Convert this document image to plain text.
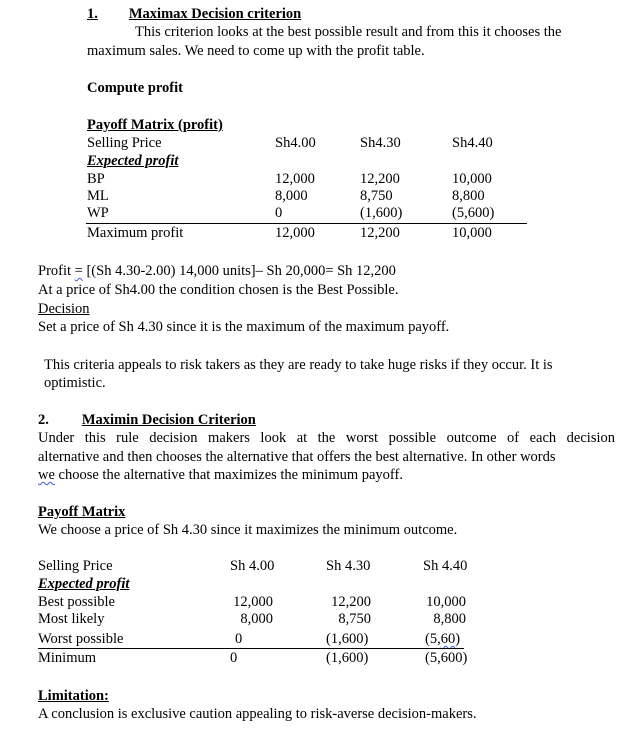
1. Maximax Decision criterion
This criterion looks at the best possible result and from this it chooses the
maximum sales. We need to come up with the profit table.
Compute profit
Payoff Matrix (profit)
Selling Price	Sh4.00	Sh4.30	Sh4.40
Expected profit
BP	12,000	12,200	10,000
ML	8,000	8,750	8,800
WP	0	(1,600)	(5,600)
Maximum profit	12,000	12,200	10,000
Profit = [(Sh 4.30-2.00) 14,000 units]– Sh 20,000= Sh 12,200
At a price of Sh4.00 the condition chosen is the Best Possible.
Decision
Set a price of Sh 4.30 since it is the maximum of the maximum payoff.
This criteria appeals to risk takers as they are ready to take huge risks if they occur. It is
optimistic.
2. Maximin Decision Criterion
Under this rule decision makers look at the worst possible outcome of each decision
alternative and then chooses the alternative that offers the best alternative. In other words
we choose the alternative that maximizes the minimum payoff.
Payoff Matrix
We choose a price of Sh 4.30 since it maximizes the minimum outcome.
Selling Price	Sh 4.00	Sh 4.30	Sh 4.40
Expected profit
Best possible	12,000	12,200	10,000
Most likely	8,000	8,750	8,800
Worst possible	0	(1,600)	(5,60)
Minimum	0	(1,600)	(5,600)
Limitation:
A conclusion is exclusive caution appealing to risk-averse decision-makers.
